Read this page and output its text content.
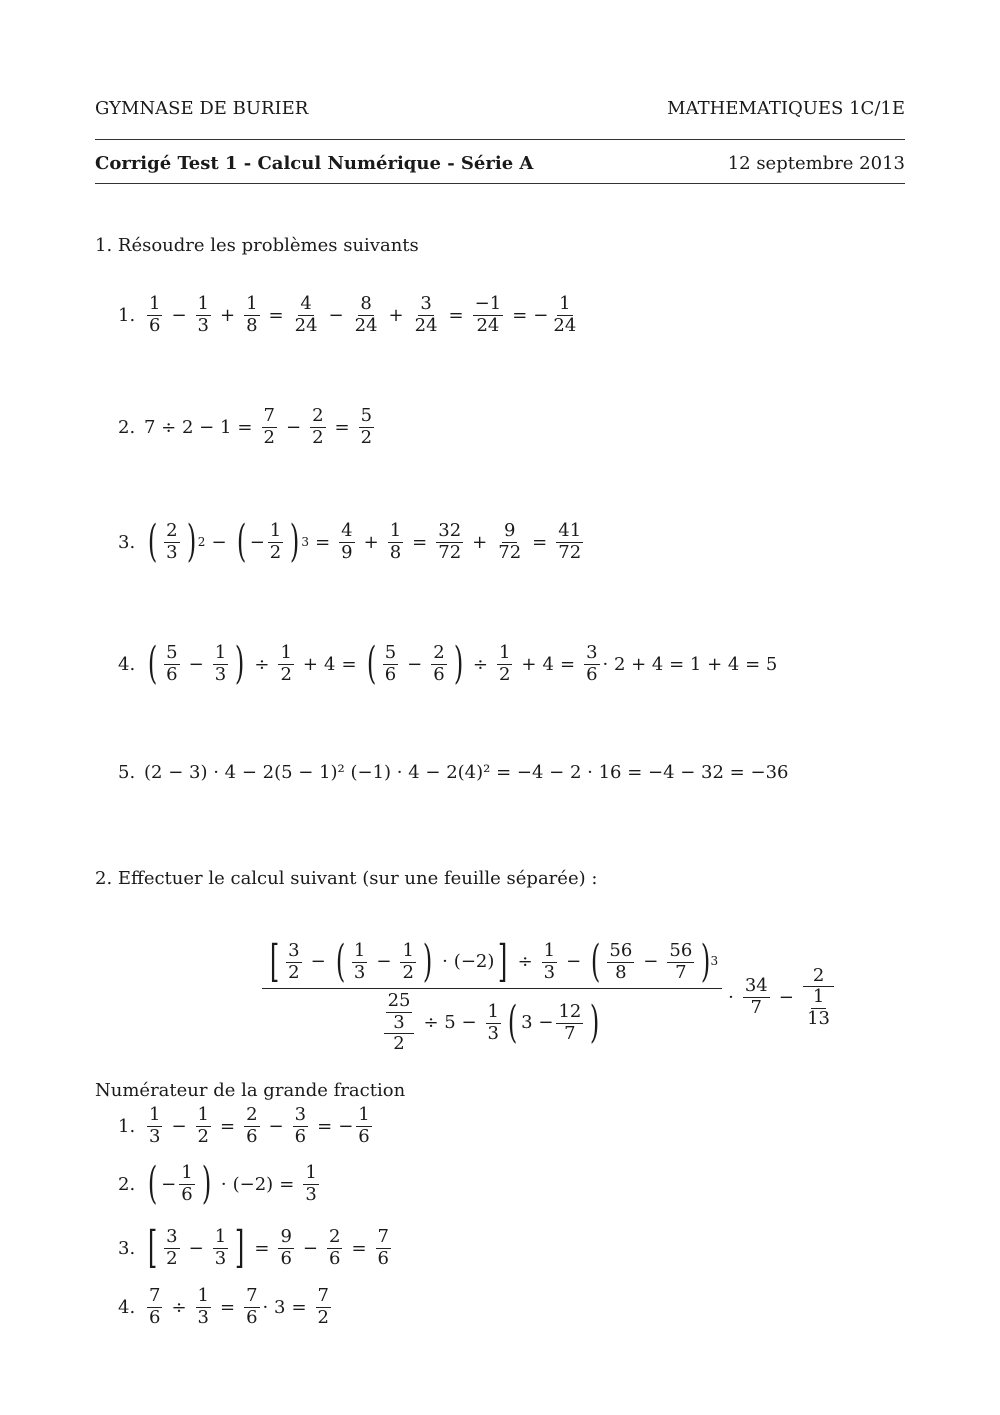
GYMNASE DE BURIER	MATHEMATIQUES 1C/1E
Corrigé Test 1 - Calcul Numérique - Série A	12 septembre 2013
1. Résoudre les problèmes suivants
1. $\frac{1}{6} - \frac{1}{3} + \frac{1}{8} = \frac{4}{24} - \frac{8}{24} + \frac{3}{24} = \frac{-1}{24}$ = − $\frac{1}{24}$
2. $7 \div 2 - 1 = \frac{7}{2} - \frac{2}{2} = \frac{5}{2}$
3. ( $\frac{2}{3}$ ) 2 − ( − $\frac{1}{2}$ ) $3 = \frac{4}{9} + \frac{1}{8} = \frac{32}{72} + \frac{9}{72} = \frac{41}{72}$
4. ( $\frac{5}{6} - \frac{1}{3}$ ) ÷ $\frac{1}{2} + 4$ = ( $\frac{5}{6} - \frac{2}{6}$ ) ÷ $\frac{1}{2} + 4 = \frac{3}{6} \cdot 2 + 4 = 1 + 4 = 5$
5. (2 − 3) · 4 − 2(5 − 1)² (−1) · 4 − 2(4)² = −4 − 2 · 16 = −4 − 32 = −36
2. Effectuer le calcul suivant (sur une feuille séparée) :
[ $\frac{3}{2}$ − ( $\frac{1}{3} - \frac{1}{2}$ ) · (−2) ] ÷ $\frac{1}{3}$ − ( $\frac{56}{8} - \frac{56}{7}$ ) 3
$\frac{\frac{25}{3}}{2} \div 5 - \frac{1}{3}$ ( $3 - \frac{12}{7}$ )	· $\frac{34}{7} - \frac{2}{\frac{1}{13}}$
Numérateur de la grande fraction
1. $\frac{1}{3} - \frac{1}{2} = \frac{2}{6} - \frac{3}{6}$ = − $\frac{1}{6}$
2. ( − $\frac{1}{6}$ ) · $(-2) = \frac{1}{3}$
3. [ $\frac{3}{2} - \frac{1}{3}$ ] = $\frac{9}{6} - \frac{2}{6} = \frac{7}{6}$
4. $\frac{7}{6} \div \frac{1}{3} = \frac{7}{6} \cdot 3 = \frac{7}{2}$
